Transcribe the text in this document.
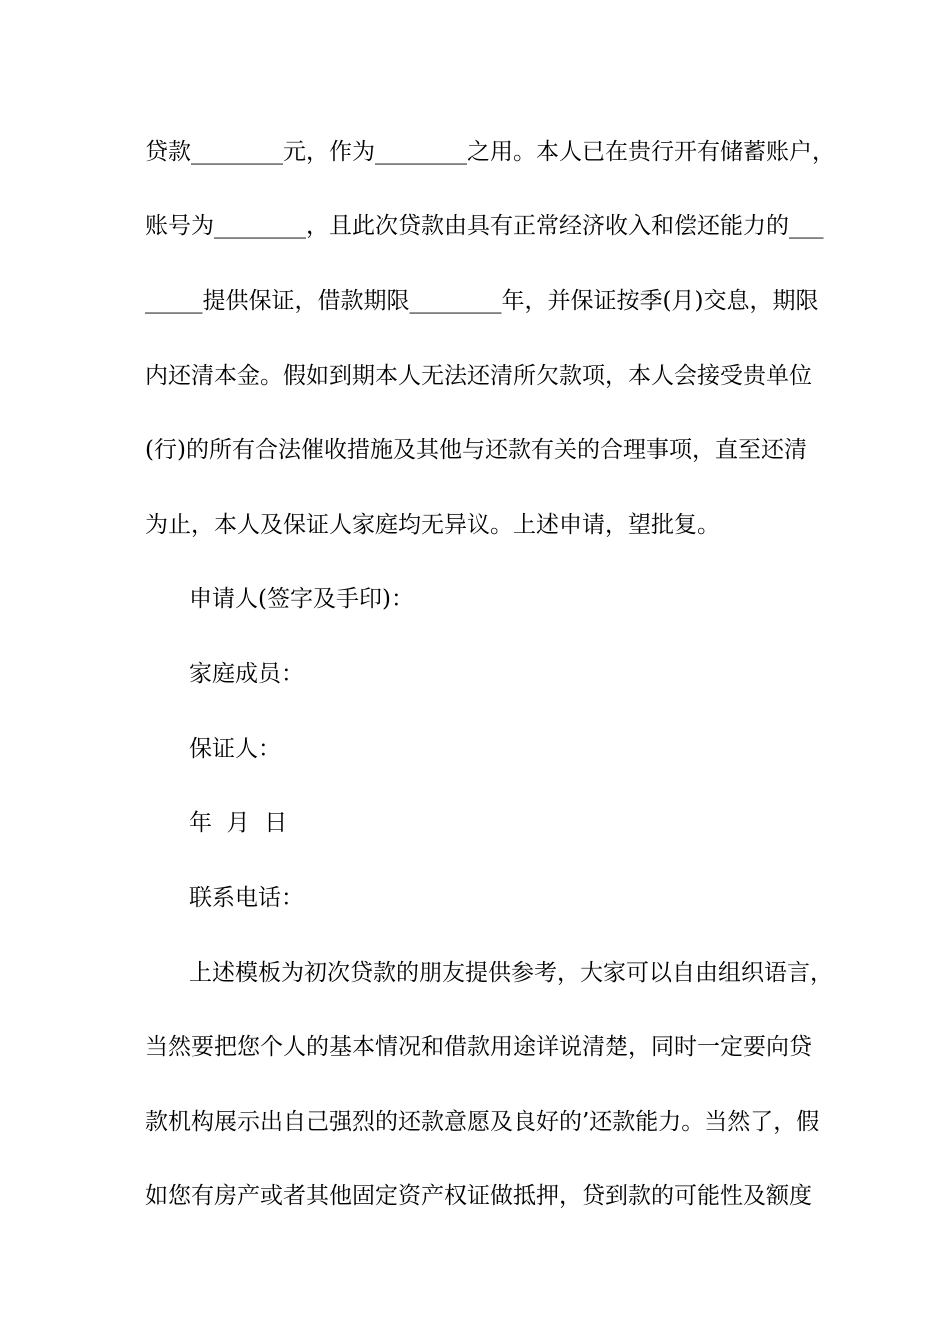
贷款________元，作为________之用。本人已在贵行开有储蓄账户，
账号为________，且此次贷款由具有正常经济收入和偿还能力的___
_____提供保证，借款期限________年，并保证按季(月)交息，期限
内还清本金。假如到期本人无法还清所欠款项，本人会接受贵单位
(行)的所有合法催收措施及其他与还款有关的合理事项，直至还清
为止，本人及保证人家庭均无异议。上述申请，望批复。
申请人(签字及手印)：
家庭成员：
保证人：
年  月  日
联系电话：
上述模板为初次贷款的朋友提供参考，大家可以自由组织语言，
当然要把您个人的基本情况和借款用途详说清楚，同时一定要向贷
款机构展示出自己强烈的还款意愿及良好的’还款能力。当然了，假
如您有房产或者其他固定资产权证做抵押，贷到款的可能性及额度
